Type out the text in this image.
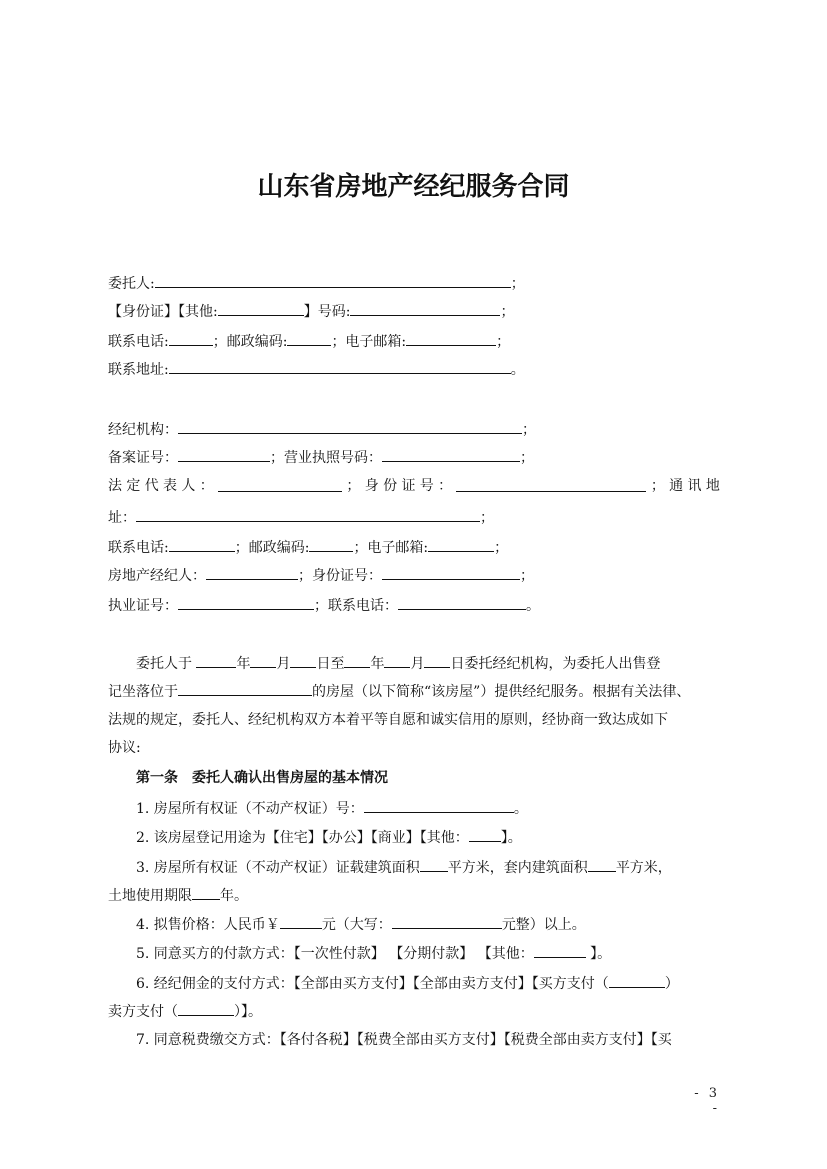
山东省房地产经纪服务合同
委托人:	；
【身份证】【其他:	】号码:	；
联系电话:	；邮政编码:	；电子邮箱:	；
联系地址:	。
经纪机构：	；
备案证号：	；营业执照号码：	；
法 定 代 表 人 ：	； 身 份 证 号 ：	； 通 讯 地
址：	；
联系电话:	；邮政编码:	；电子邮箱:	；
房地产经纪人：	；身份证号：	；
执业证号：	；联系电话：	。
委托人于	年 月 日至 年 月 日委托经纪机构，为委托人出售登
记坐落位于	的房屋（以下简称“该房屋”）提供经纪服务。根据有关法律、
法规的规定，委托人、经纪机构双方本着平等自愿和诚实信用的原则，经协商一致达成如下
协议:
第一条　委托人确认出售房屋的基本情况
1. 房屋所有权证（不动产权证）号：	。
2. 该房屋登记用途为【住宅】【办公】【商业】【其他： 】。
3. 房屋所有权证（不动产权证）证载建筑面积 平方米，套内建筑面积 平方米，
土地使用期限 年。
4. 拟售价格：人民币￥	元（大写：	元整）以上。
5. 同意买方的付款方式：【一次性付款】 【分期付款】 【其他：	】。
6. 经纪佣金的支付方式：【全部由买方支付】【全部由卖方支付】【买方支付（	）
卖方支付（	）】。
7. 同意税费缴交方式：【各付各税】【税费全部由买方支付】【税费全部由卖方支付】【买
- 3 -
